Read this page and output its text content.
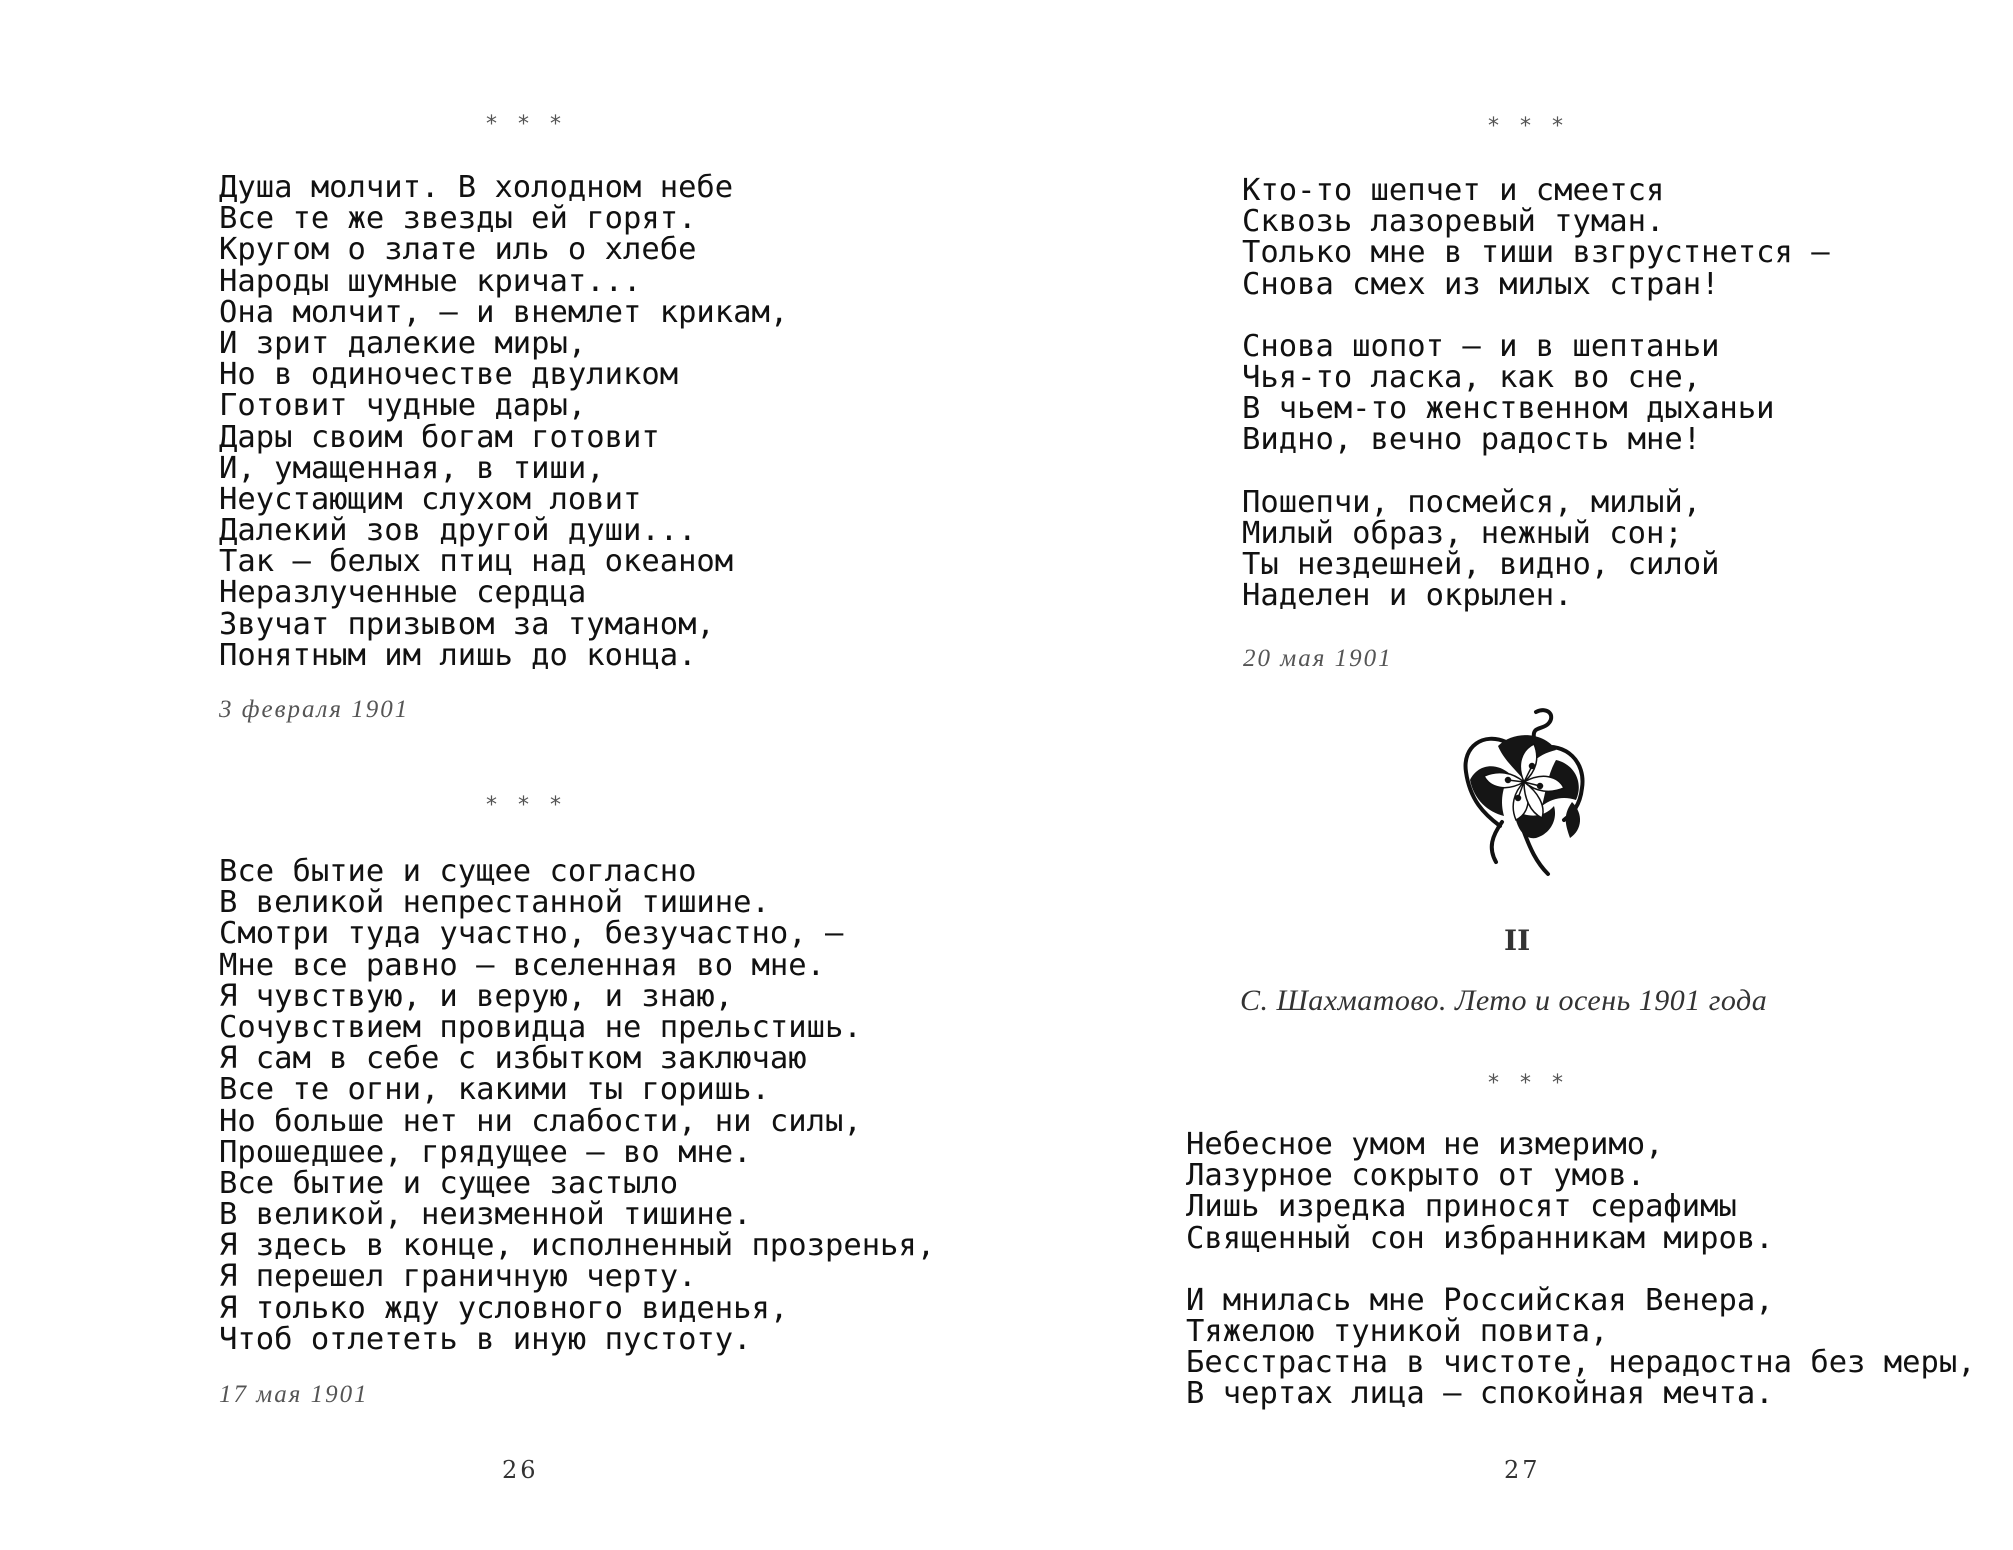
* * *
Душа молчит. В холодном небе
Все те же звезды ей горят.
Кругом о злате иль о хлебе
Народы шумные кричат...
Она молчит, — и внемлет крикам,
И зрит далекие миры,
Но в одиночестве двуликом
Готовит чудные дары,
Дары своим богам готовит
И, умащенная, в тиши,
Неустающим слухом ловит
Далекий зов другой души...
Так — белых птиц над океаном
Неразлученные сердца
Звучат призывом за туманом,
Понятным им лишь до конца.
3 февраля 1901
* * *
Все бытие и сущее согласно
В великой непрестанной тишине.
Смотри туда участно, безучастно, —
Мне все равно — вселенная во мне.
Я чувствую, и верую, и знаю,
Сочувствием провидца не прельстишь.
Я сам в себе с избытком заключаю
Все те огни, какими ты горишь.
Но больше нет ни слабости, ни силы,
Прошедшее, грядущее — во мне.
Все бытие и сущее застыло
В великой, неизменной тишине.
Я здесь в конце, исполненный прозренья,
Я перешел граничную черту.
Я только жду условного виденья,
Чтоб отлететь в иную пустоту.
17 мая 1901
26
* * *
Кто-то шепчет и смеется
Сквозь лазоревый туман.
Только мне в тиши взгрустнется —
Снова смех из милых стран!
Снова шопот — и в шептаньи
Чья-то ласка, как во сне,
В чьем-то женственном дыханьи
Видно, вечно радость мне!
Пошепчи, посмейся, милый,
Милый образ, нежный сон;
Ты нездешней, видно, силой
Наделен и окрылен.
20 мая 1901
II
С. Шахматово. Лето и осень 1901 года
* * *
Небесное умом не измеримо,
Лазурное сокрыто от умов.
Лишь изредка приносят серафимы
Священный сон избранникам миров.
И мнилась мне Российская Венера,
Тяжелою туникой повита,
Бесстрастна в чистоте, нерадостна без меры,
В чертах лица — спокойная мечта.
27
